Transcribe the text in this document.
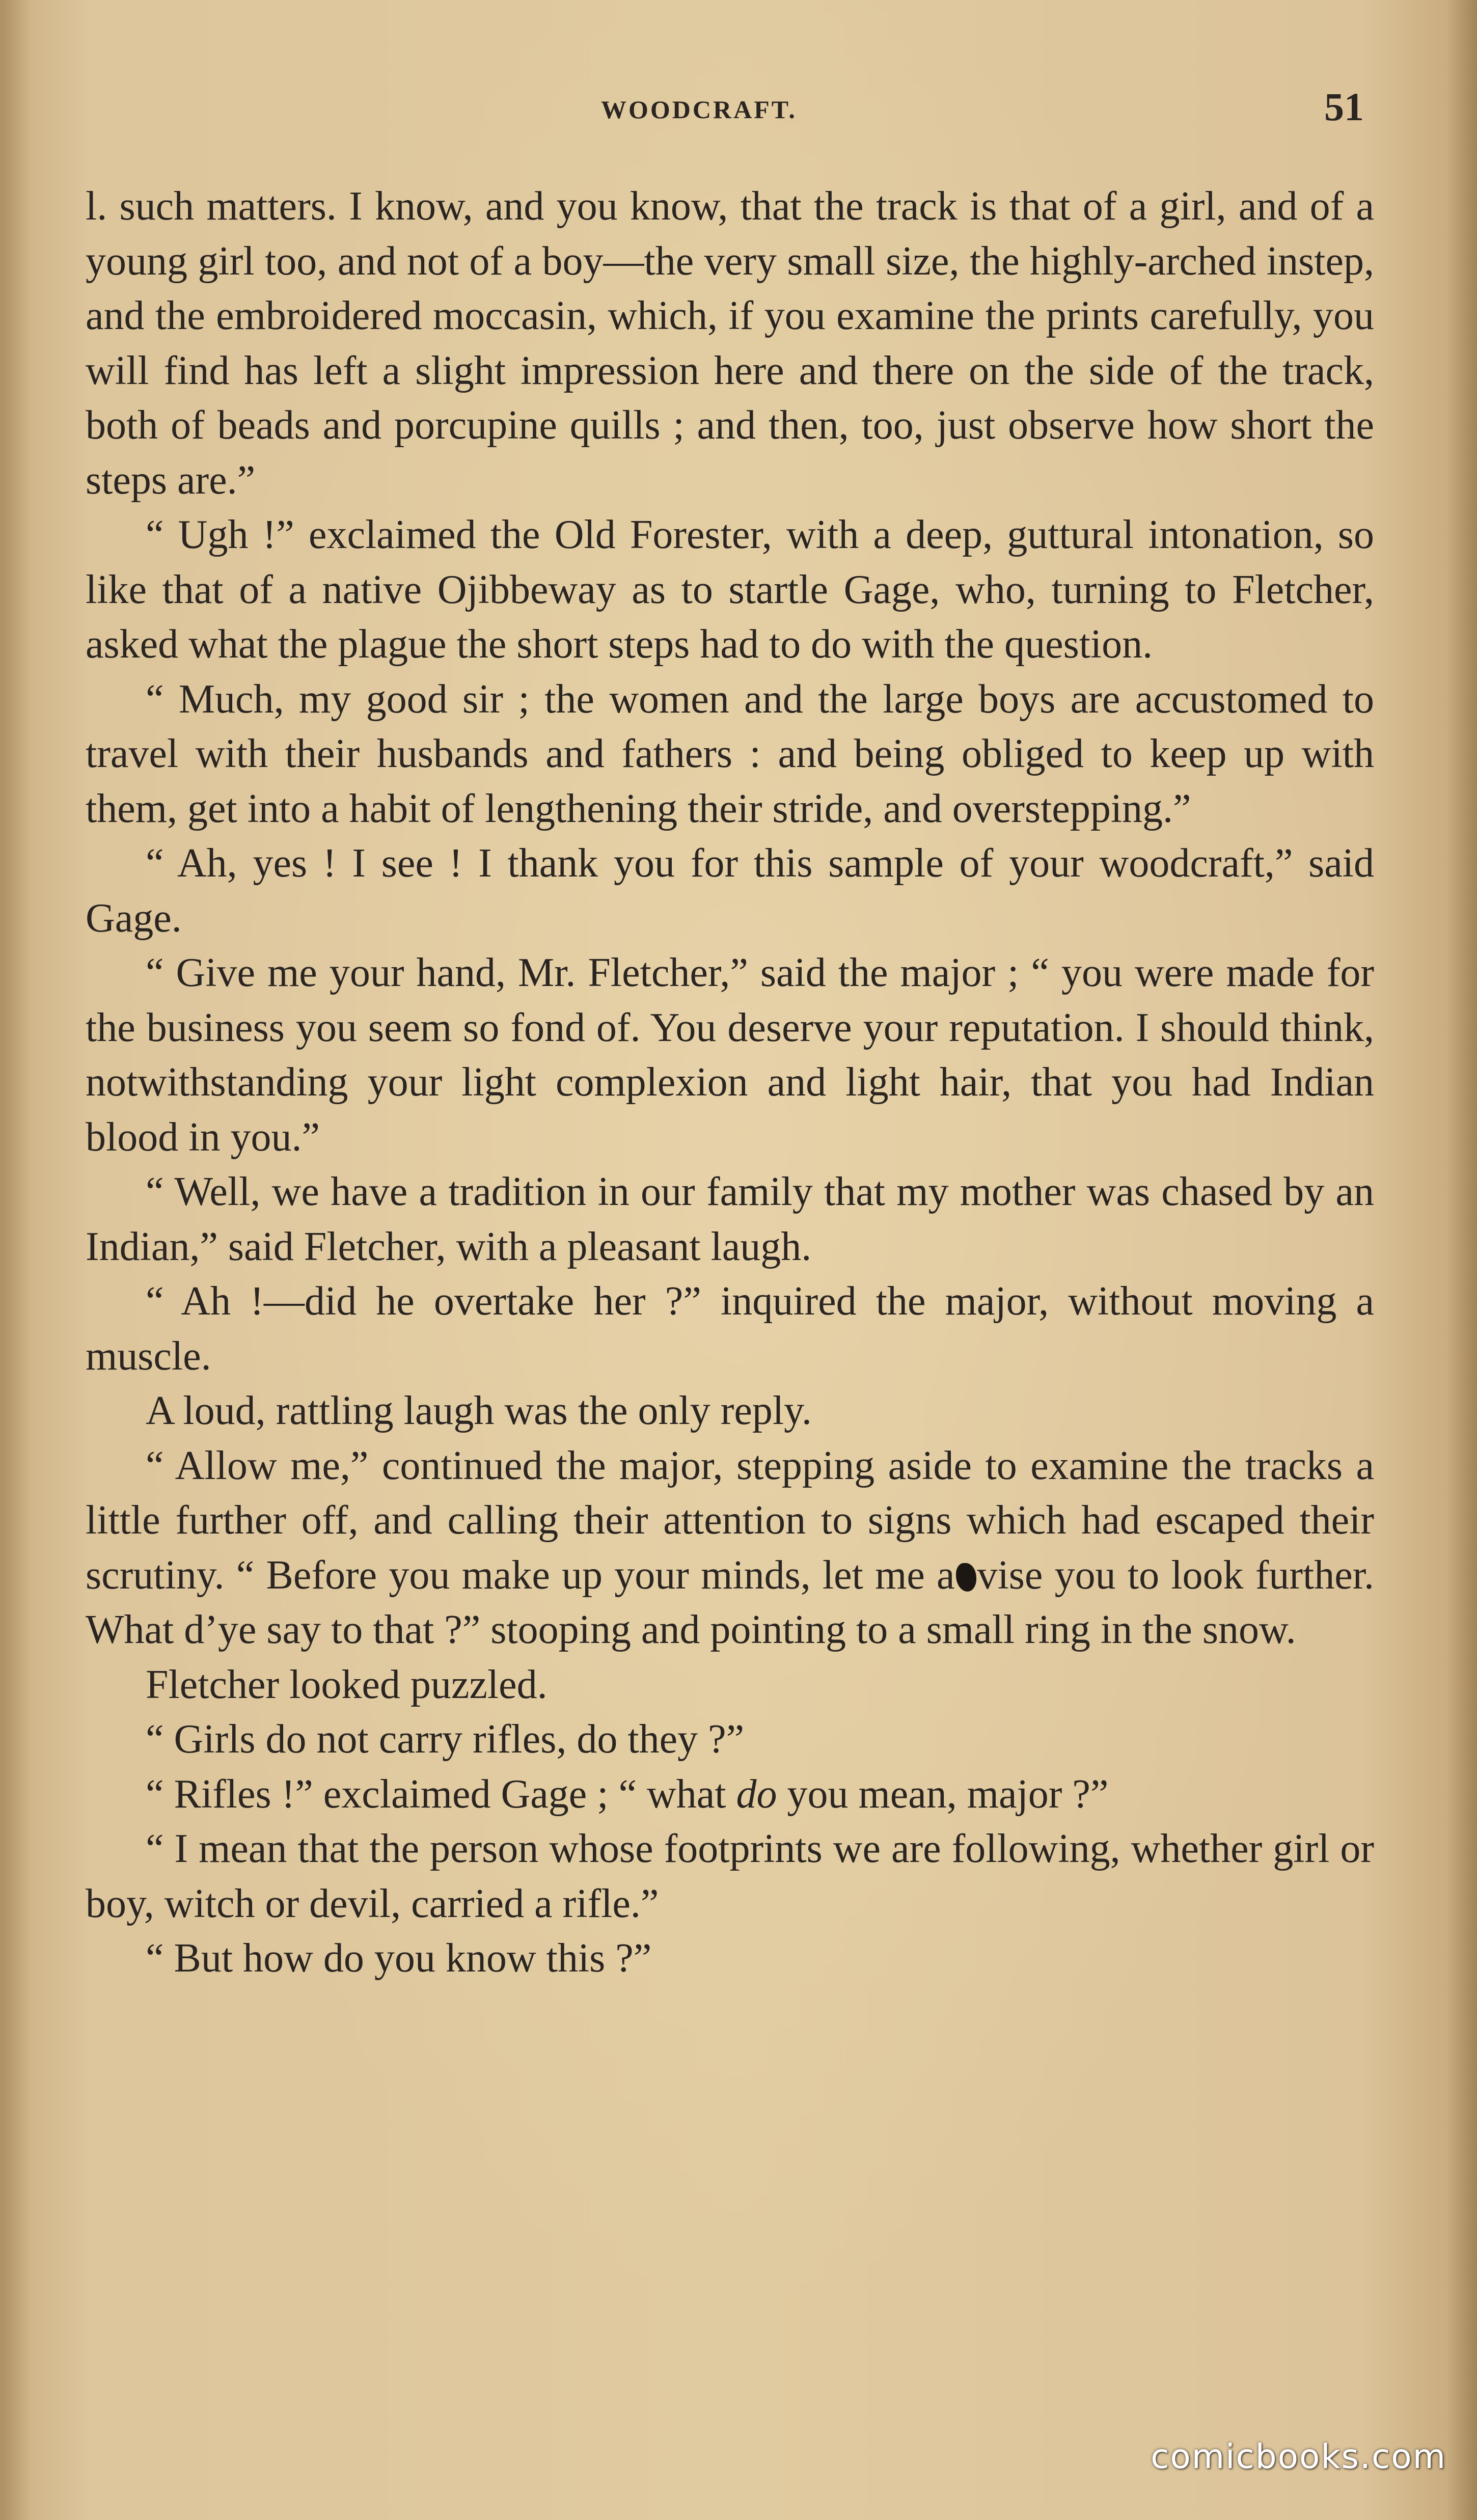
WOODCRAFT.	51

l. such matters. I know, and you know, that the track is that of a girl, and of a young girl too, and not of a boy—the very small size, the highly-arched instep, and the embroidered moccasin, which, if you examine the prints carefully, you will find has left a slight impression here and there on the side of the track, both of beads and porcupine quills ; and then, too, just observe how short the steps are.”

“ Ugh !” exclaimed the Old Forester, with a deep, guttural intonation, so like that of a native Ojibbeway as to startle Gage, who, turning to Fletcher, asked what the plague the short steps had to do with the question.

“ Much, my good sir ; the women and the large boys are accustomed to travel with their husbands and fathers : and being obliged to keep up with them, get into a habit of lengthening their stride, and overstepping.”

“ Ah, yes ! I see ! I thank you for this sample of your woodcraft,” said Gage.

“ Give me your hand, Mr. Fletcher,” said the major ; “ you were made for the business you seem so fond of. You deserve your reputation. I should think, notwithstanding your light complexion and light hair, that you had Indian blood in you.”

“ Well, we have a tradition in our family that my mother was chased by an Indian,” said Fletcher, with a pleasant laugh.

“ Ah !—did he overtake her ?” inquired the major, without moving a muscle.

A loud, rattling laugh was the only reply.

“ Allow me,” continued the major, stepping aside to examine the tracks a little further off, and calling their attention to signs which had escaped their scrutiny. “ Before you make up your minds, let me a vise you to look further. What d’ye say to that ?” stooping and pointing to a small ring in the snow.

Fletcher looked puzzled.

“ Girls do not carry rifles, do they ?”

“ Rifles !” exclaimed Gage ; “ what do you mean, major ?”

“ I mean that the person whose footprints we are following, whether girl or boy, witch or devil, carried a rifle.”

“ But how do you know this ?”

comicbooks.com
